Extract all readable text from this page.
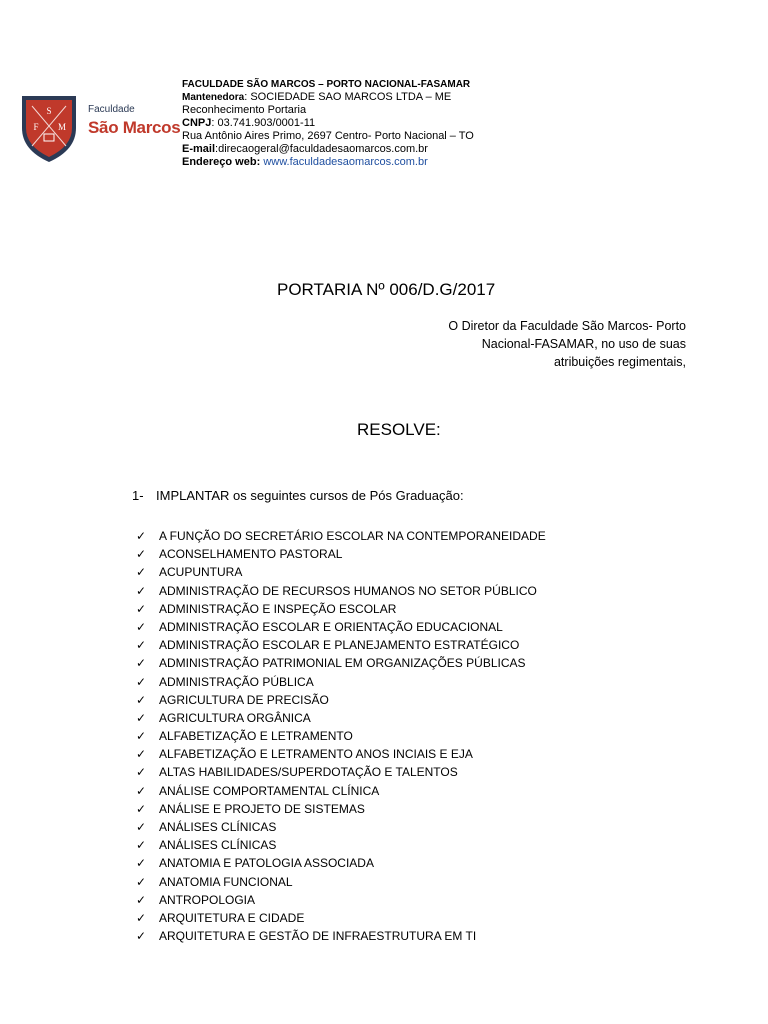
S
F M
Faculdade
São Marcos
FACULDADE SÃO MARCOS – PORTO NACIONAL-FASAMAR
Mantenedora: SOCIEDADE SAO MARCOS LTDA – ME
Reconhecimento Portaria
CNPJ: 03.741.903/0001-11
Rua Antônio Aires Primo, 2697 Centro- Porto Nacional – TO
E-mail:direcaogeral@faculdadesaomarcos.com.br
Endereço web: www.faculdadesaomarcos.com.br
PORTARIA Nº 006/D.G/2017
O Diretor da Faculdade São Marcos- Porto
Nacional-FASAMAR, no uso de suas
atribuições regimentais,
RESOLVE:
1- IMPLANTAR os seguintes cursos de Pós Graduação:
✓	A FUNÇÃO DO SECRETÁRIO ESCOLAR NA CONTEMPORANEIDADE
✓	ACONSELHAMENTO PASTORAL
✓	ACUPUNTURA
✓	ADMINISTRAÇÃO DE RECURSOS HUMANOS NO SETOR PÚBLICO
✓	ADMINISTRAÇÃO E INSPEÇÃO ESCOLAR
✓	ADMINISTRAÇÃO ESCOLAR E ORIENTAÇÃO EDUCACIONAL
✓	ADMINISTRAÇÃO ESCOLAR E PLANEJAMENTO ESTRATÉGICO
✓	ADMINISTRAÇÃO PATRIMONIAL EM ORGANIZAÇÕES PÚBLICAS
✓	ADMINISTRAÇÃO PÚBLICA
✓	AGRICULTURA DE PRECISÃO
✓	AGRICULTURA ORGÂNICA
✓	ALFABETIZAÇÃO E LETRAMENTO
✓	ALFABETIZAÇÃO E LETRAMENTO ANOS INCIAIS E EJA
✓	ALTAS HABILIDADES/SUPERDOTAÇÃO E TALENTOS
✓	ANÁLISE COMPORTAMENTAL CLÍNICA
✓	ANÁLISE E PROJETO DE SISTEMAS
✓	ANÁLISES CLÍNICAS
✓	ANÁLISES CLÍNICAS
✓	ANATOMIA E PATOLOGIA ASSOCIADA
✓	ANATOMIA FUNCIONAL
✓	ANTROPOLOGIA
✓	ARQUITETURA E CIDADE
✓	ARQUITETURA E GESTÃO DE INFRAESTRUTURA EM TI
